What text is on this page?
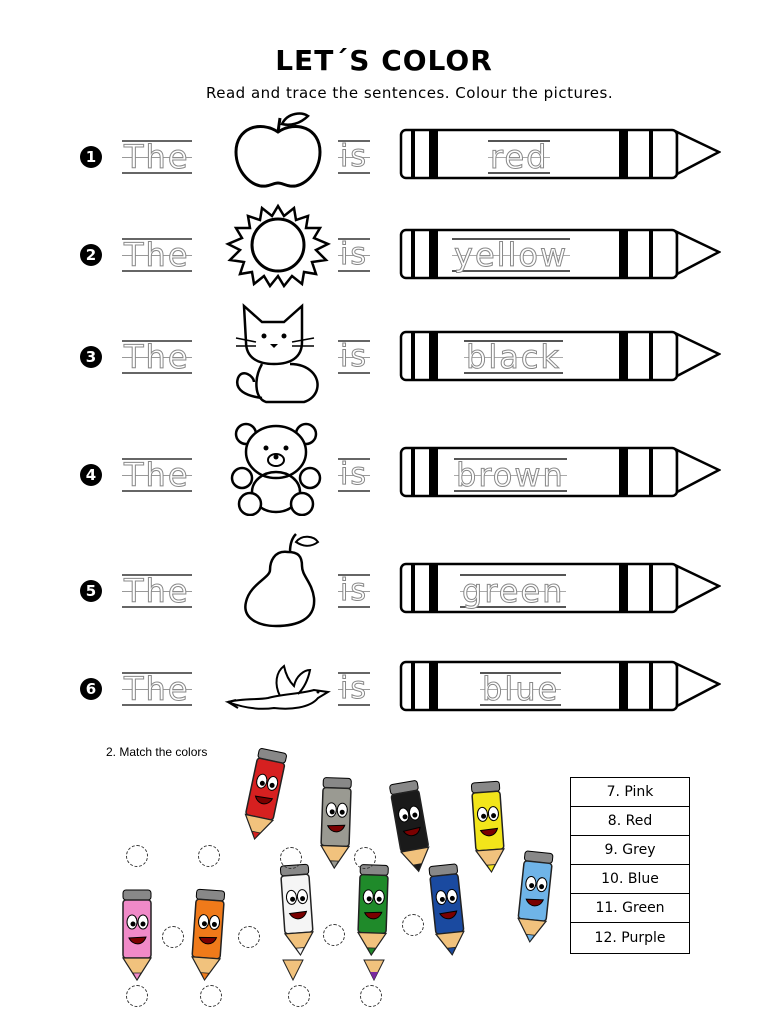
LET´S COLOR
Read and trace the sentences. Colour the pictures.
1 The	is	red
2 The	is	yellow
3 The	is	black
4 The	is	brown
5 The	is	green
6 The	is	blue
2. Match the colors
7. Pink
8. Red
9. Grey
10. Blue
11. Green
12. Purple
